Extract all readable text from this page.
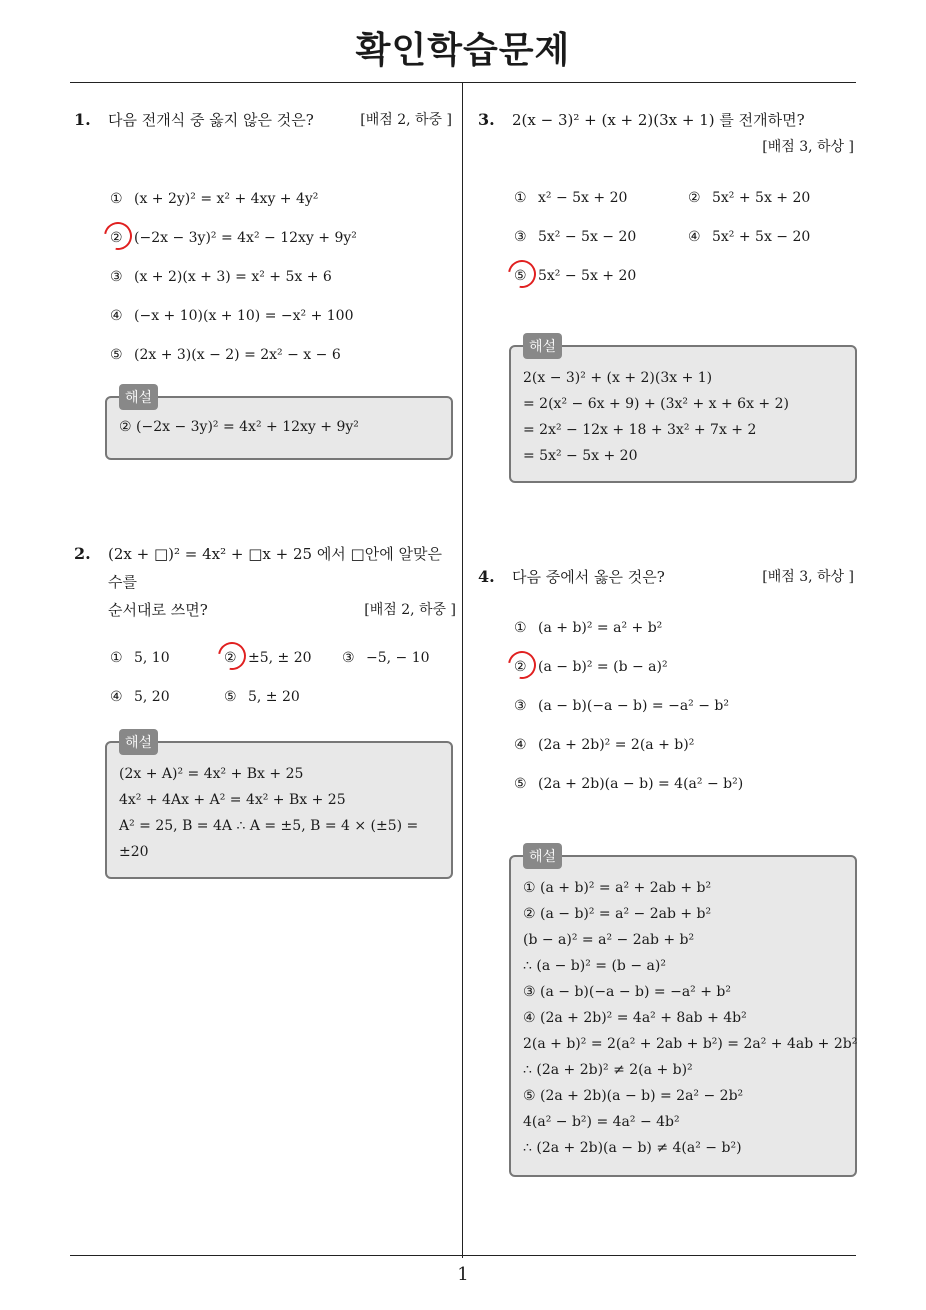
확인학습문제
1
1.	다음 전개식 중 옳지 않은 것은?	[배점 2, 하중 ]
① (x + 2y)² = x² + 4xy + 4y²
② (−2x − 3y)² = 4x² − 12xy + 9y²
③ (x + 2)(x + 3) = x² + 5x + 6
④ (−x + 10)(x + 10) = −x² + 100
⑤ (2x + 3)(x − 2) = 2x² − x − 6
해설
② (−2x − 3y)² = 4x² + 12xy + 9y²
2.	(2x + □)² = 4x² + □x + 25 에서 □안에 알맞은 수를
순서대로 쓰면?	[배점 2, 하중 ]
① 5, 10	② ±5, ± 20 ③ −5, − 10
④ 5, 20	⑤ 5, ± 20
해설
(2x + A)² = 4x² + Bx + 25
4x² + 4Ax + A² = 4x² + Bx + 25
A² = 25, B = 4A ∴ A = ±5, B = 4 × (±5) =
±20
3.	2(x − 3)² + (x + 2)(3x + 1) 를 전개하면?
[배점 3, 하상 ]
① x² − 5x + 20	② 5x² + 5x + 20
③ 5x² − 5x − 20	④ 5x² + 5x − 20
⑤ 5x² − 5x + 20
해설
2(x − 3)² + (x + 2)(3x + 1)
= 2(x² − 6x + 9) + (3x² + x + 6x + 2)
= 2x² − 12x + 18 + 3x² + 7x + 2
= 5x² − 5x + 20
4.	다음 중에서 옳은 것은?	[배점 3, 하상 ]
① (a + b)² = a² + b²
② (a − b)² = (b − a)²
③ (a − b)(−a − b) = −a² − b²
④ (2a + 2b)² = 2(a + b)²
⑤ (2a + 2b)(a − b) = 4(a² − b²)
해설
① (a + b)² = a² + 2ab + b²
② (a − b)² = a² − 2ab + b²
(b − a)² = a² − 2ab + b²
∴ (a − b)² = (b − a)²
③ (a − b)(−a − b) = −a² + b²
④ (2a + 2b)² = 4a² + 8ab + 4b²
2(a + b)² = 2(a² + 2ab + b²) = 2a² + 4ab + 2b²
∴ (2a + 2b)² ≠ 2(a + b)²
⑤ (2a + 2b)(a − b) = 2a² − 2b²
4(a² − b²) = 4a² − 4b²
∴ (2a + 2b)(a − b) ≠ 4(a² − b²)
